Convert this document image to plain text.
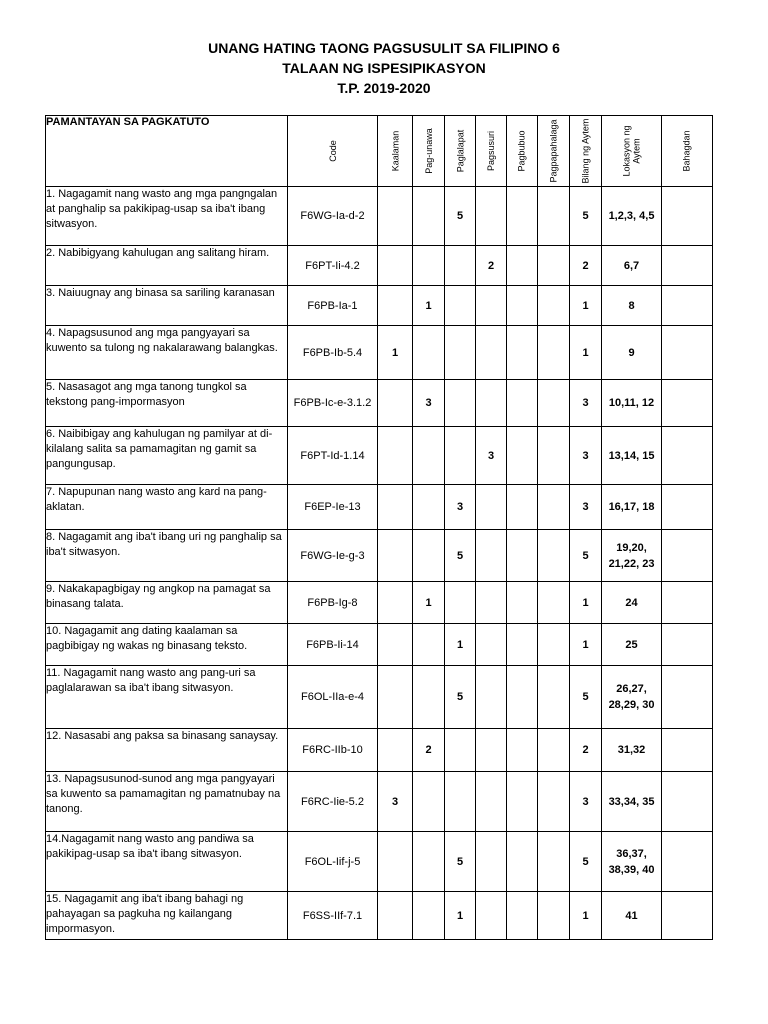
UNANG HATING TAONG PAGSUSULIT SA FILIPINO 6
TALAAN NG ISPESIPIKASYON
T.P. 2019-2020
PAMANTAYAN SA PAGKATUTO	Code	Kaalaman	Pag-unawa	Paglalapat	Pagsusuri	Pagbubuo	Pagpapahalaga	Bilang ng Aytem	Lokasyon ng Aytem	Bahagdan

1. Nagagamit nang wasto ang mga pangngalan at panghalip sa pakikipag-usap sa iba't ibang sitwasyon.	F6WG-Ia-d-2			5				5	1,2,3, 4,5	
2. Nabibigyang kahulugan ang salitang hiram.	F6PT-Ii-4.2				2			2	6,7	
3. Naiuugnay ang binasa sa sariling karanasan	F6PB-Ia-1		1					1	8	
4. Napagsusunod ang mga pangyayari sa kuwento sa tulong ng nakalarawang balangkas.	F6PB-Ib-5.4	1						1	9	
5. Nasasagot ang mga tanong tungkol sa tekstong pang-impormasyon	F6PB-Ic-e-3.1.2		3					3	10,11, 12	
6. Naibibigay ang kahulugan ng pamilyar at di-kilalang salita sa pamamagitan ng gamit sa pangungusap.	F6PT-Id-1.14				3			3	13,14, 15	
7. Napupunan nang wasto ang kard na pang-aklatan.	F6EP-Ie-13			3				3	16,17, 18	
8. Nagagamit ang iba't ibang uri ng panghalip sa iba't sitwasyon.	F6WG-Ie-g-3			5				5	19,20, 21,22, 23	
9. Nakakapagbigay ng angkop na pamagat sa binasang talata.	F6PB-Ig-8		1					1	24	
10. Nagagamit ang dating kaalaman sa pagbibigay ng wakas ng binasang teksto.	F6PB-Ii-14			1				1	25	
11. Nagagamit nang wasto ang pang-uri sa paglalarawan sa iba't ibang sitwasyon.	F6OL-IIa-e-4			5				5	26,27, 28,29, 30	
12. Nasasabi ang paksa sa binasang sanaysay.	F6RC-IIb-10		2					2	31,32	
13. Napagsusunod-sunod ang mga pangyayari sa kuwento sa pamamagitan ng pamatnubay na tanong.	F6RC-Iie-5.2	3						3	33,34, 35	
14.Nagagamit nang wasto ang pandiwa sa pakikipag-usap sa iba't ibang sitwasyon.	F6OL-Iif-j-5			5				5	36,37, 38,39, 40	
15. Nagagamit ang iba't ibang bahagi ng pahayagan sa pagkuha ng kailangang impormasyon.	F6SS-IIf-7.1			1				1	41	
